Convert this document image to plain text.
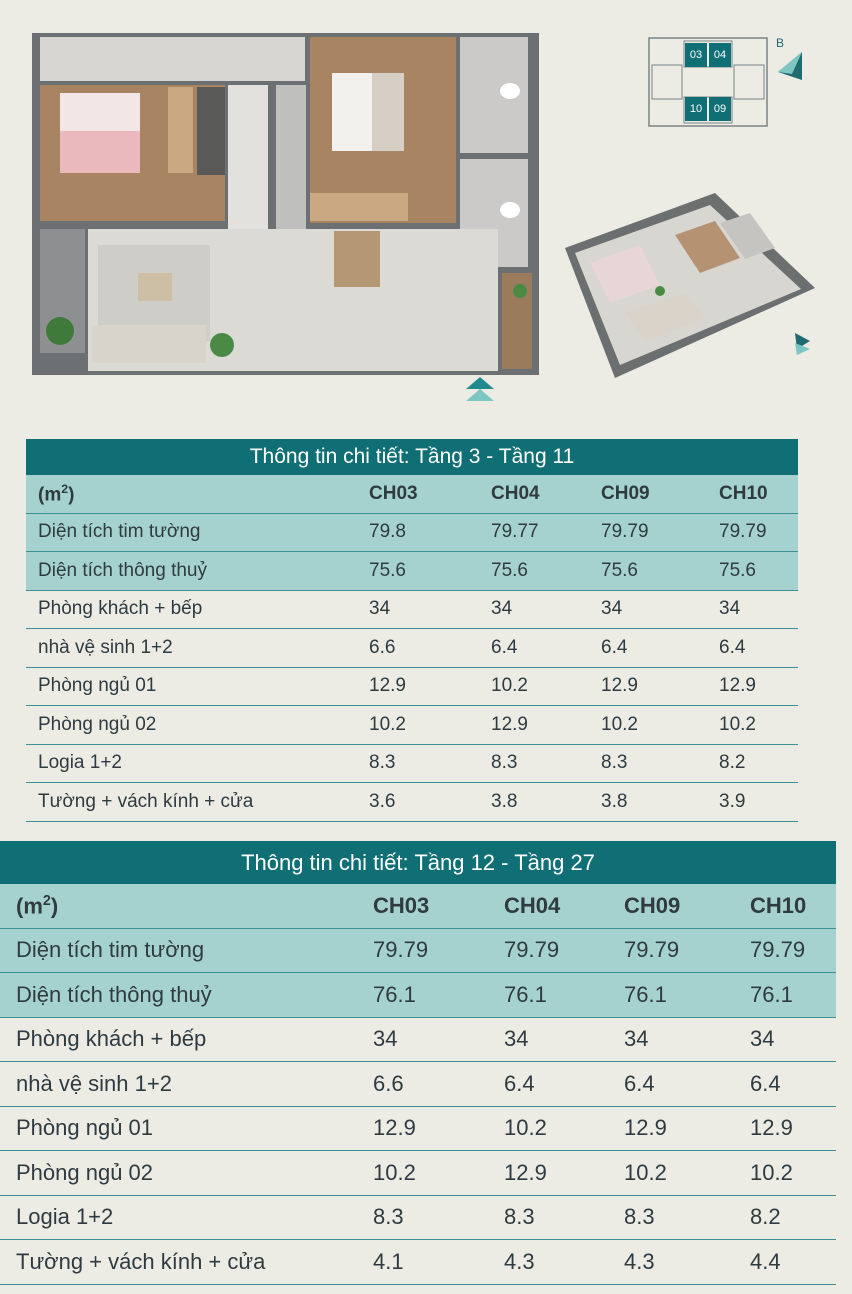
03	04
10	09
B
Thông tin chi tiết: Tầng 3 - Tầng 11
$(m^2)$	CH03	CH04	CH09	CH10
Diện tích tim tường	79.8	79.77	79.79	79.79
Diện tích thông thuỷ	75.6	75.6	75.6	75.6
Phòng khách + bếp	34	34	34	34
nhà vệ sinh 1+2	6.6	6.4	6.4	6.4
Phòng ngủ 01	12.9	10.2	12.9	12.9
Phòng ngủ 02	10.2	12.9	10.2	10.2
Logia 1+2	8.3	8.3	8.3	8.2
Tường + vách kính + cửa	3.6	3.8	3.8	3.9
Thông tin chi tiết: Tầng 12 - Tầng 27
$(m^2)$	CH03	CH04	CH09	CH10
Diện tích tim tường	79.79	79.79	79.79	79.79
Diện tích thông thuỷ	76.1	76.1	76.1	76.1
Phòng khách + bếp	34	34	34	34
nhà vệ sinh 1+2	6.6	6.4	6.4	6.4
Phòng ngủ 01	12.9	10.2	12.9	12.9
Phòng ngủ 02	10.2	12.9	10.2	10.2
Logia 1+2	8.3	8.3	8.3	8.2
Tường + vách kính + cửa	4.1	4.3	4.3	4.4
